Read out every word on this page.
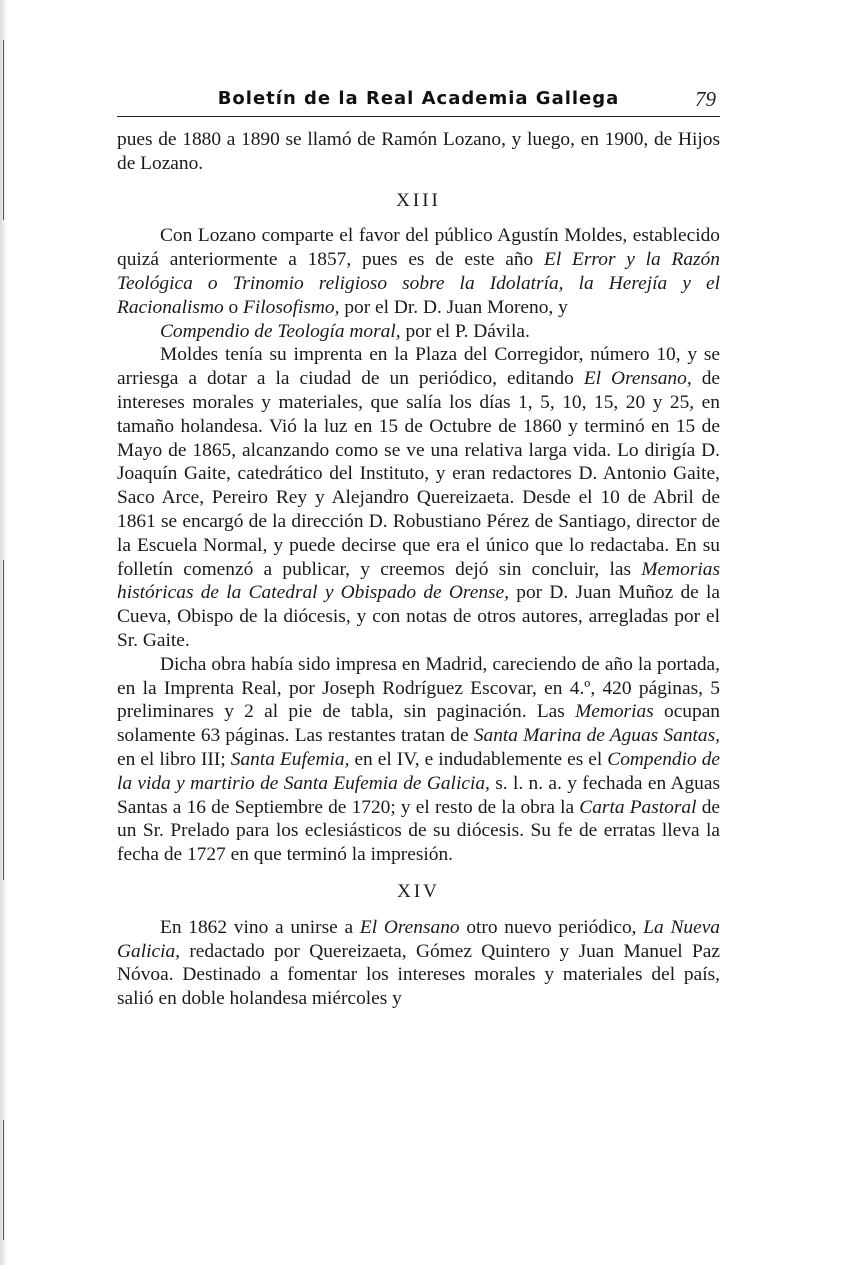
Boletín de la Real Academia Gallega	79

pues de 1880 a 1890 se llamó de Ramón Lozano, y luego, en 1900, de Hijos de Lozano.

XIII

Con Lozano comparte el favor del público Agustín Moldes, establecido quizá anteriormente a 1857, pues es de este año El Error y la Razón Teológica o Trinomio religioso sobre la Idolatría, la Herejía y el Racionalismo o Filosofismo, por el Dr. D. Juan Moreno, y

Compendio de Teología moral, por el P. Dávila.

Moldes tenía su imprenta en la Plaza del Corregidor, número 10, y se arriesga a dotar a la ciudad de un periódico, editando El Orensano, de intereses morales y materiales, que salía los días 1, 5, 10, 15, 20 y 25, en tamaño holandesa. Vió la luz en 15 de Octubre de 1860 y terminó en 15 de Mayo de 1865, alcanzando como se ve una relativa larga vida. Lo dirigía D. Joaquín Gaite, catedrático del Instituto, y eran redactores D. Antonio Gaite, Saco Arce, Pereiro Rey y Alejandro Quereizaeta. Desde el 10 de Abril de 1861 se encargó de la dirección D. Robustiano Pérez de Santiago, director de la Escuela Normal, y puede decirse que era el único que lo redactaba. En su folletín comenzó a publicar, y creemos dejó sin concluir, las Memorias históricas de la Catedral y Obispado de Orense, por D. Juan Muñoz de la Cueva, Obispo de la diócesis, y con notas de otros autores, arregladas por el Sr. Gaite.

Dicha obra había sido impresa en Madrid, careciendo de año la portada, en la Imprenta Real, por Joseph Rodríguez Escovar, en 4.º, 420 páginas, 5 preliminares y 2 al pie de tabla, sin paginación. Las Memorias ocupan solamente 63 páginas. Las restantes tratan de Santa Marina de Aguas Santas, en el libro III; Santa Eufemia, en el IV, e indudablemente es el Compendio de la vida y martirio de Santa Eufemia de Galicia, s. l. n. a. y fechada en Aguas Santas a 16 de Septiembre de 1720; y el resto de la obra la Carta Pastoral de un Sr. Prelado para los eclesiásticos de su diócesis. Su fe de erratas lleva la fecha de 1727 en que terminó la impresión.

XIV

En 1862 vino a unirse a El Orensano otro nuevo periódico, La Nueva Galicia, redactado por Quereizaeta, Gómez Quintero y Juan Manuel Paz Nóvoa. Destinado a fomentar los intereses morales y materiales del país, salió en doble holandesa miércoles y
